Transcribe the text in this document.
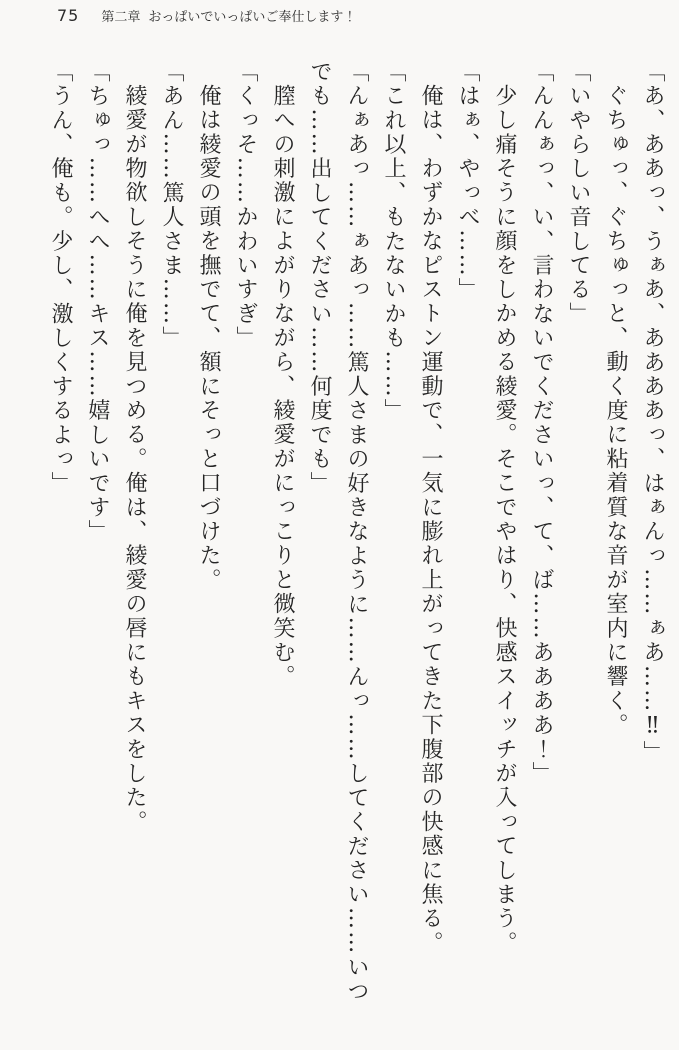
75 第二章 おっぱいでいっぱいご奉仕します！

「あ、ああっ、うぁあ、ああああっ、はぁんっ……ぁあ……‼」

ぐちゅっ、ぐちゅっと、動く度に粘着質な音が室内に響く。

「いやらしい音してる」

「んんぁっ、い、言わないでくださいっ、て、ば……ああああ！」

少し痛そうに顔をしかめる綾愛。そこでやはり、快感スイッチが入ってしまう。

「はぁ、やっべ……」

俺は、わずかなピストン運動で、一気に膨れ上がってきた下腹部の快感に焦る。

「これ以上、もたないかも……」

「んぁあっ……ぁあっ……篤人さまの好きなように……んっ……してください……いつでも……出してください……何度でも」

膣への刺激によがりながら、綾愛がにっこりと微笑む。

「くっそ……かわいすぎ」

俺は綾愛の頭を撫でて、額にそっと口づけた。

「あん……篤人さま……」

綾愛が物欲しそうに俺を見つめる。俺は、綾愛の唇にもキスをした。

「ちゅっ……へへ……キス……嬉しいです」

「うん、俺も。少し、激しくするよっ」
